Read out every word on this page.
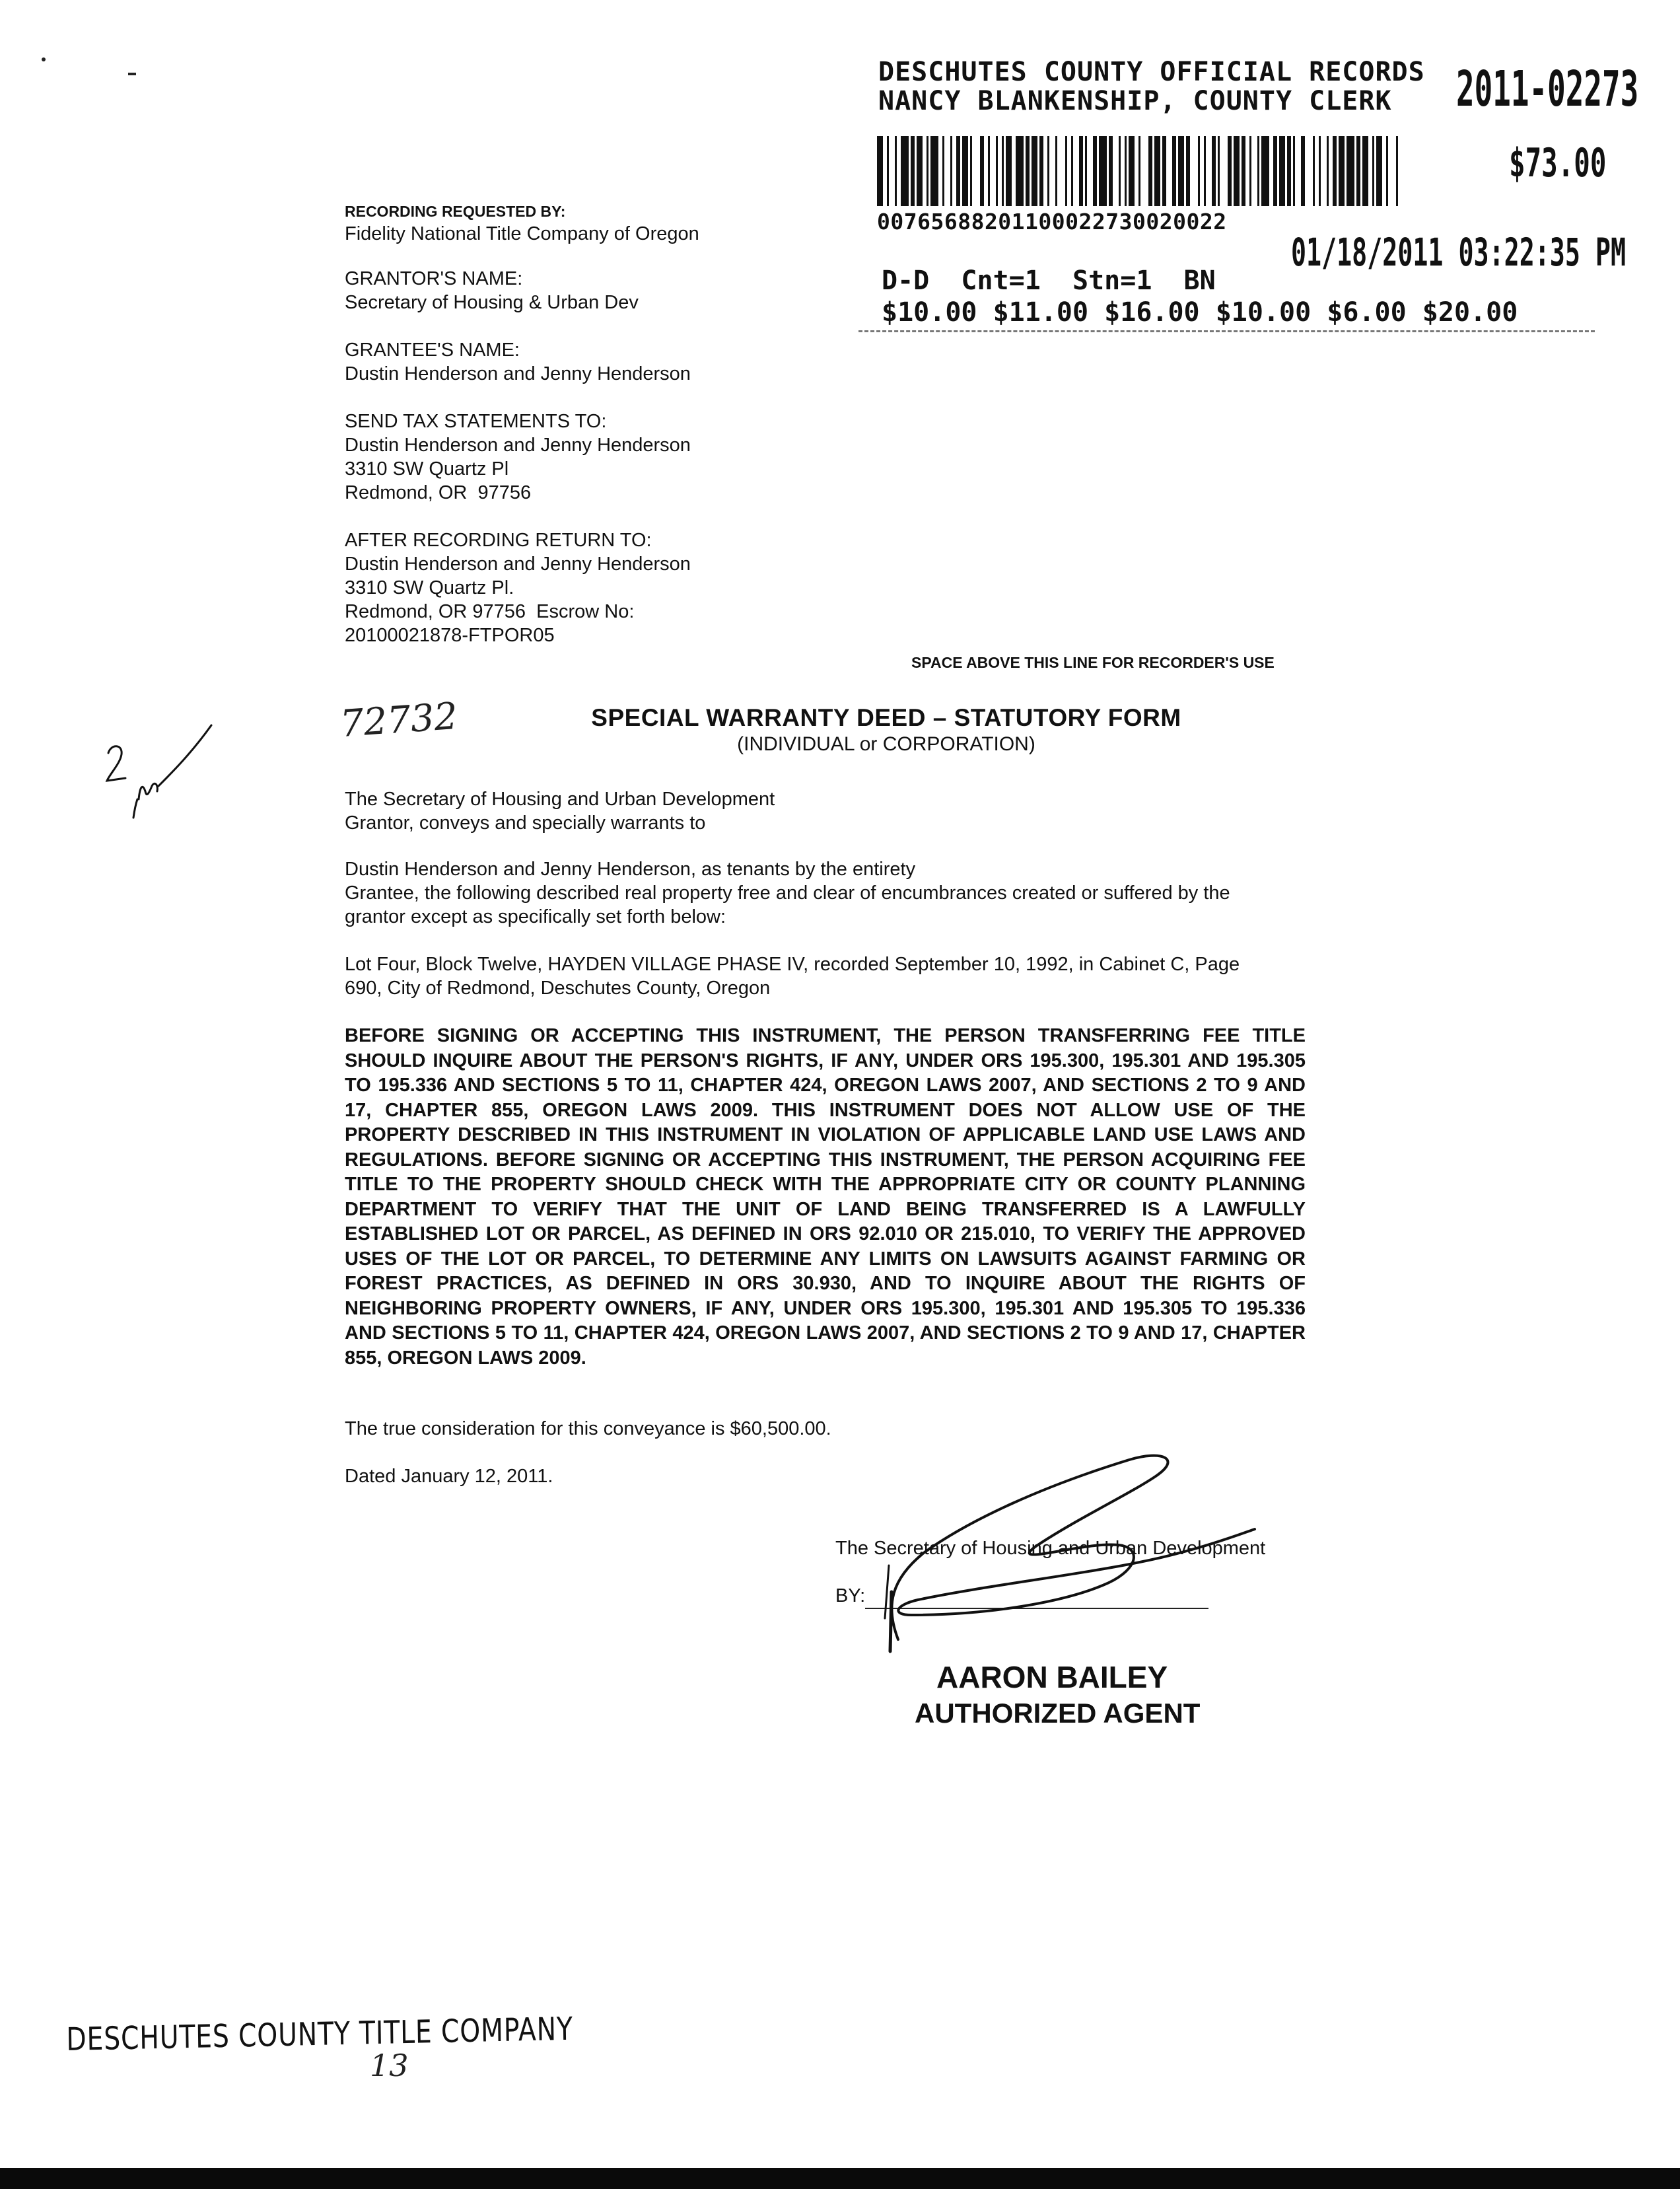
DESCHUTES COUNTY OFFICIAL RECORDS
NANCY BLANKENSHIP, COUNTY CLERK 2011-02273
$73.00
00765688201100022730020022
01/18/2011 03:22:35 PM
D-D  Cnt=1  Stn=1  BN
$10.00 $11.00 $16.00 $10.00 $6.00 $20.00
RECORDING REQUESTED BY:
Fidelity National Title Company of Oregon
GRANTOR'S NAME:
Secretary of Housing & Urban Dev
GRANTEE'S NAME:
Dustin Henderson and Jenny Henderson
SEND TAX STATEMENTS TO:
Dustin Henderson and Jenny Henderson
3310 SW Quartz Pl
Redmond, OR  97756
AFTER RECORDING RETURN TO:
Dustin Henderson and Jenny Henderson
3310 SW Quartz Pl.
Redmond, OR 97756  Escrow No:
20100021878-FTPOR05
SPACE ABOVE THIS LINE FOR RECORDER'S USE
72732	SPECIAL WARRANTY DEED – STATUTORY FORM
(INDIVIDUAL or CORPORATION)
The Secretary of Housing and Urban Development
Grantor, conveys and specially warrants to
Dustin Henderson and Jenny Henderson, as tenants by the entirety
Grantee, the following described real property free and clear of encumbrances created or suffered by the
grantor except as specifically set forth below:
Lot Four, Block Twelve, HAYDEN VILLAGE PHASE IV, recorded September 10, 1992, in Cabinet C, Page
690, City of Redmond, Deschutes County, Oregon
BEFORE SIGNING OR ACCEPTING THIS INSTRUMENT, THE PERSON TRANSFERRING FEE TITLE SHOULD INQUIRE ABOUT THE PERSON'S RIGHTS, IF ANY, UNDER ORS 195.300, 195.301 AND 195.305 TO 195.336 AND SECTIONS 5 TO 11, CHAPTER 424, OREGON LAWS 2007, AND SECTIONS 2 TO 9 AND 17, CHAPTER 855, OREGON LAWS 2009. THIS INSTRUMENT DOES NOT ALLOW USE OF THE PROPERTY DESCRIBED IN THIS INSTRUMENT IN VIOLATION OF APPLICABLE LAND USE LAWS AND REGULATIONS. BEFORE SIGNING OR ACCEPTING THIS INSTRUMENT, THE PERSON ACQUIRING FEE TITLE TO THE PROPERTY SHOULD CHECK WITH THE APPROPRIATE CITY OR COUNTY PLANNING DEPARTMENT TO VERIFY THAT THE UNIT OF LAND BEING TRANSFERRED IS A LAWFULLY ESTABLISHED LOT OR PARCEL, AS DEFINED IN ORS 92.010 OR 215.010, TO VERIFY THE APPROVED USES OF THE LOT OR PARCEL, TO DETERMINE ANY LIMITS ON LAWSUITS AGAINST FARMING OR FOREST PRACTICES, AS DEFINED IN ORS 30.930, AND TO INQUIRE ABOUT THE RIGHTS OF NEIGHBORING PROPERTY OWNERS, IF ANY, UNDER ORS 195.300, 195.301 AND 195.305 TO 195.336 AND SECTIONS 5 TO 11, CHAPTER 424, OREGON LAWS 2007, AND SECTIONS 2 TO 9 AND 17, CHAPTER 855, OREGON LAWS 2009.
The true consideration for this conveyance is $60,500.00.
Dated January 12, 2011.
The Secretary of Housing and Urban Development
BY:
AARON BAILEY
AUTHORIZED AGENT
DESCHUTES COUNTY TITLE COMPANY
13
